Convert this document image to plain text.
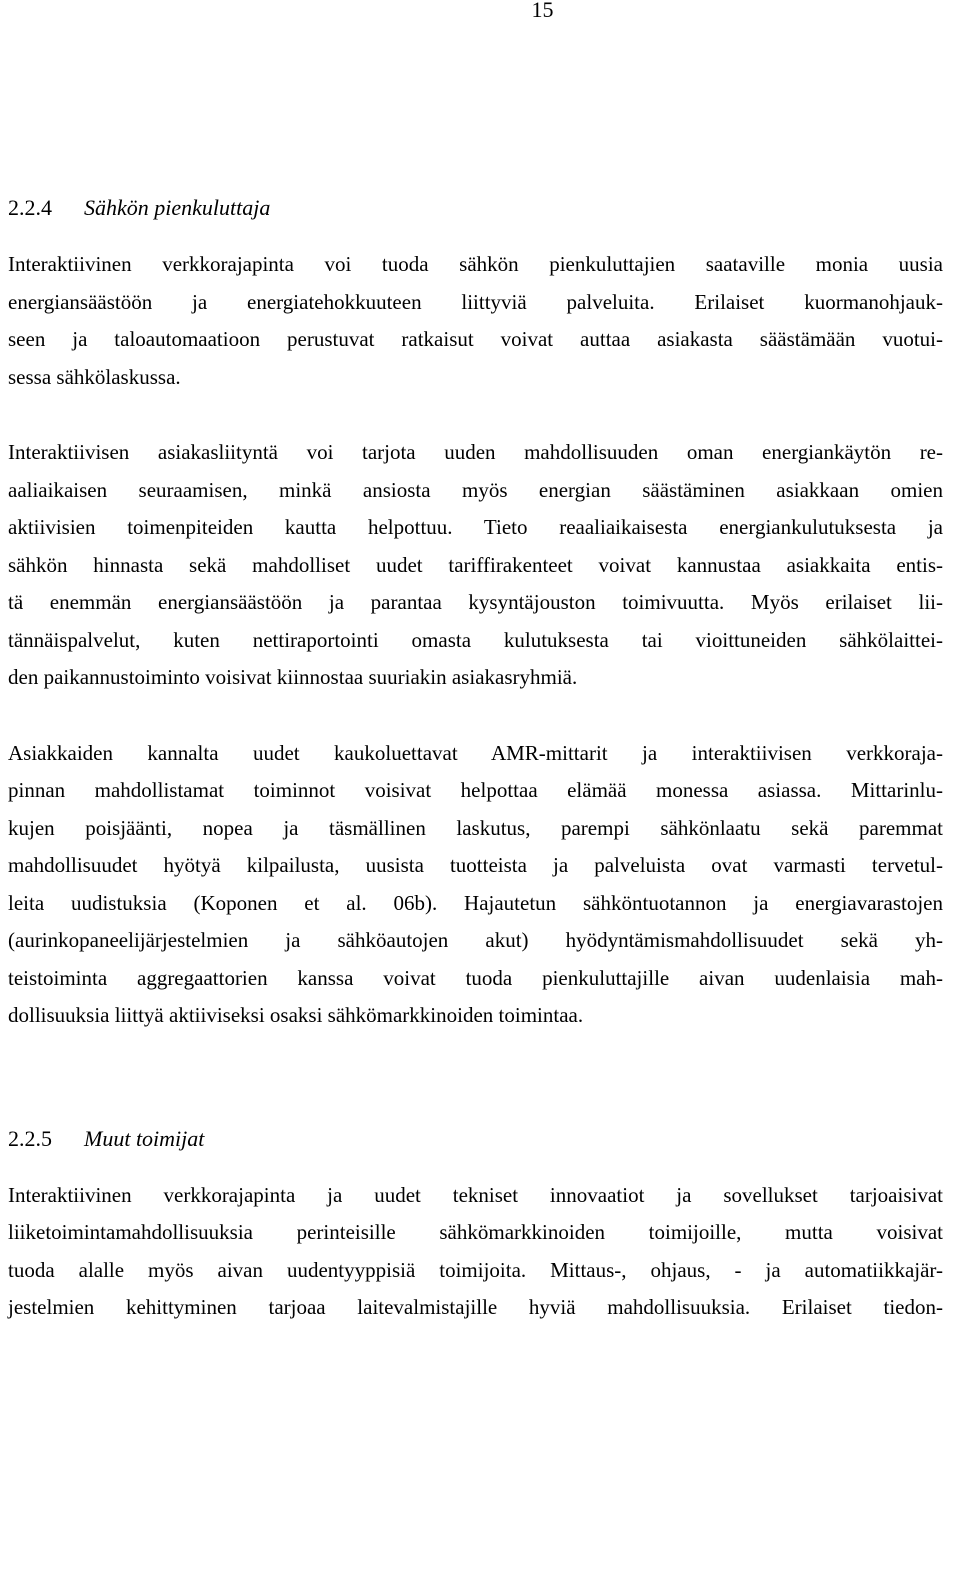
15
2.2.4 Sähkön pienkuluttaja

Interaktiivinen verkkorajapinta voi tuoda sähkön pienkuluttajien saataville monia uusia
energiansäästöön ja energiatehokkuuteen liittyviä palveluita. Erilaiset kuormanohjauk-
seen ja taloautomaatioon perustuvat ratkaisut voivat auttaa asiakasta säästämään vuotui-
sessa sähkölaskussa.

Interaktiivisen asiakasliityntä voi tarjota uuden mahdollisuuden oman energiankäytön re-
aaliaikaisen seuraamisen, minkä ansiosta myös energian säästäminen asiakkaan omien
aktiivisien toimenpiteiden kautta helpottuu. Tieto reaaliaikaisesta energiankulutuksesta ja
sähkön hinnasta sekä mahdolliset uudet tariffirakenteet voivat kannustaa asiakkaita entis-
tä enemmän energiansäästöön ja parantaa kysyntäjouston toimivuutta. Myös erilaiset lii-
tännäispalvelut, kuten nettiraportointi omasta kulutuksesta tai vioittuneiden sähkölaittei-
den paikannustoiminto voisivat kiinnostaa suuriakin asiakasryhmiä.

Asiakkaiden kannalta uudet kaukoluettavat AMR-mittarit ja interaktiivisen verkkoraja-
pinnan mahdollistamat toiminnot voisivat helpottaa elämää monessa asiassa. Mittarinlu-
kujen poisjäänti, nopea ja täsmällinen laskutus, parempi sähkönlaatu sekä paremmat
mahdollisuudet hyötyä kilpailusta, uusista tuotteista ja palveluista ovat varmasti tervetul-
leita uudistuksia (Koponen et al. 06b). Hajautetun sähköntuotannon ja energiavarastojen
(aurinkopaneelijärjestelmien ja sähköautojen akut) hyödyntämismahdollisuudet sekä yh-
teistoiminta aggregaattorien kanssa voivat tuoda pienkuluttajille aivan uudenlaisia mah-
dollisuuksia liittyä aktiiviseksi osaksi sähkömarkkinoiden toimintaa.

2.2.5 Muut toimijat

Interaktiivinen verkkorajapinta ja uudet tekniset innovaatiot ja sovellukset tarjoaisivat
liiketoimintamahdollisuuksia perinteisille sähkömarkkinoiden toimijoille, mutta voisivat
tuoda alalle myös aivan uudentyyppisiä toimijoita. Mittaus-, ohjaus, - ja automatiikkajär-
jestelmien kehittyminen tarjoaa laitevalmistajille hyviä mahdollisuuksia. Erilaiset tiedon-
